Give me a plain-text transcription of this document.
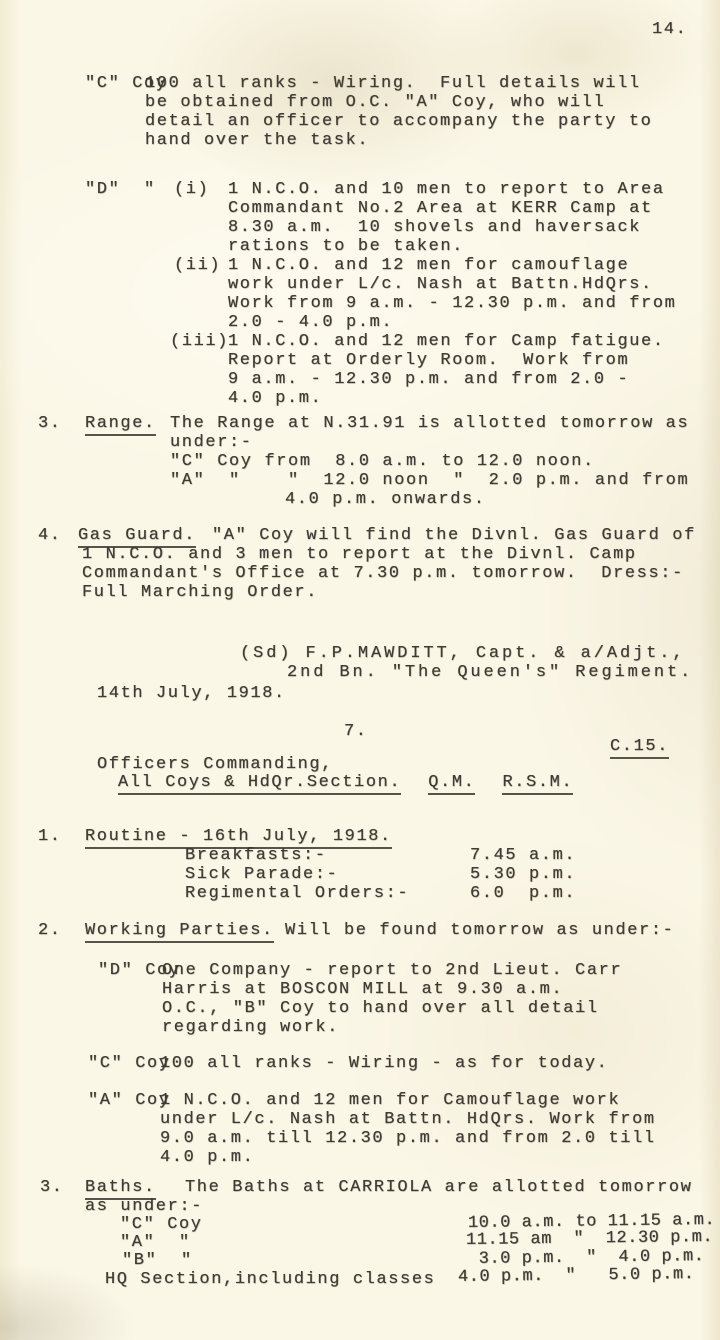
14.
"C" Coy
100 all ranks - Wiring.  Full details will
be obtained from O.C. "A" Coy, who will
detail an officer to accompany the party to
hand over the task.
"D"  " (i) 1 N.C.O. and 10 men to report to Area
Commandant No.2 Area at KERR Camp at
8.30 a.m.  10 shovels and haversack
rations to be taken.
(ii) 1 N.C.O. and 12 men for camouflage
work under L/c. Nash at Battn.HdQrs.
Work from 9 a.m. - 12.30 p.m. and from
2.0 - 4.0 p.m.
(iii)
1 N.C.O. and 12 men for Camp fatigue.
Report at Orderly Room.  Work from
9 a.m. - 12.30 p.m. and from 2.0 -
4.0 p.m.
3. Range. The Range at N.31.91 is allotted tomorrow as
under:-
"C" Coy from  8.0 a.m. to 12.0 noon.
"A"  "    "  12.0 noon  "  2.0 p.m. and from
4.0 p.m. onwards.
4. Gas Guard. "A" Coy will find the Divnl. Gas Guard of
1 N.C.O. and 3 men to report at the Divnl. Camp
Commandant's Office at 7.30 p.m. tomorrow.  Dress:-
Full Marching Order.
(Sd) F.P.MAWDITT, Capt. & a/Adjt.,
2nd Bn. "The Queen's" Regiment.
14th July, 1918.
7.
C.15.
Officers Commanding,
All Coys & HdQr.Section. Q.M. R.S.M.
1. Routine - 16th July, 1918.
Breakfasts:-	7.45 a.m.
Sick Parade:-	5.30 p.m.
Regimental Orders:-	6.0  p.m.
2. Working Parties. Will be found tomorrow as under:-
"D" Coy
One Company - report to 2nd Lieut. Carr
Harris at BOSCON MILL at 9.30 a.m.
O.C., "B" Coy to hand over all detail
regarding work.
"C" Coy
100 all ranks - Wiring - as for today.
"A" Coy
1 N.C.O. and 12 men for Camouflage work
under L/c. Nash at Battn. HdQrs. Work from
9.0 a.m. till 12.30 p.m. and from 2.0 till
4.0 p.m.
3. Baths. The Baths at CARRIOLA are allotted tomorrow
as under:-
"C" Coy	10.0 a.m. to 11.15 a.m.
"A"  "	11.15 am  "  12.30 p.m.
"B"  "	3.0 p.m.  "  4.0 p.m.
HQ Section,including classes 4.0 p.m.  "   5.0 p.m.
